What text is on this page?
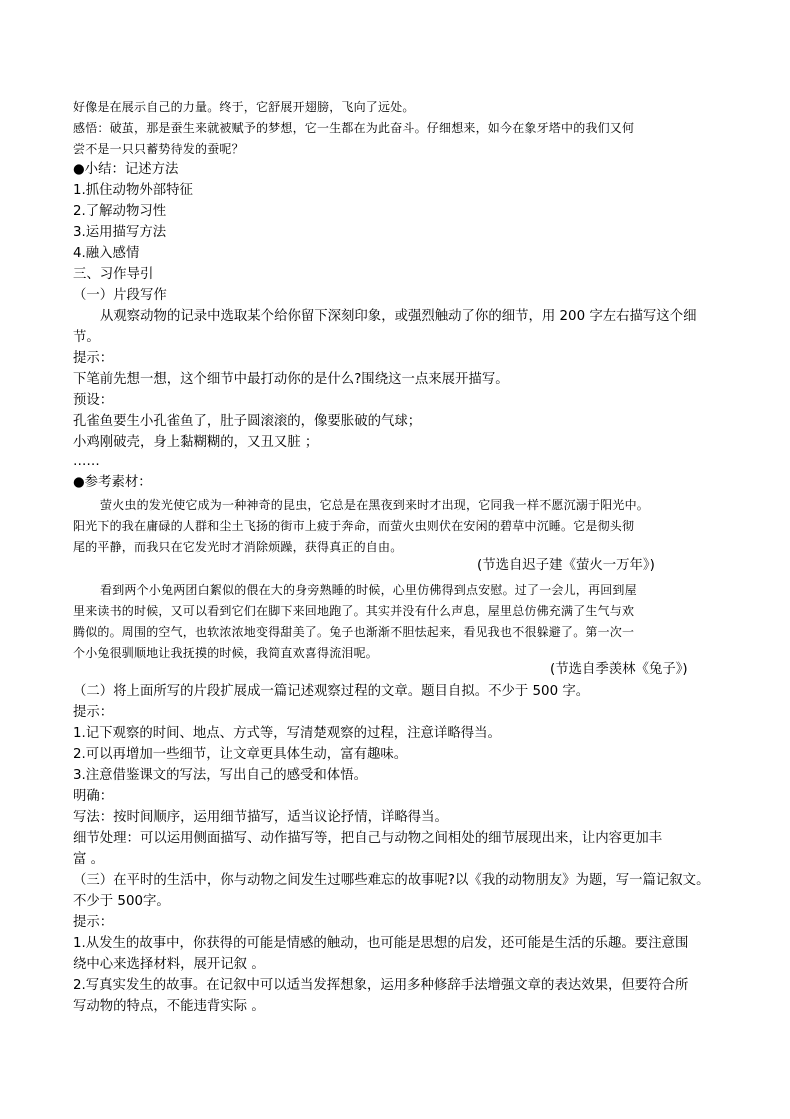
好像是在展示自己的力量。终于，它舒展开翅膀，飞向了远处。
感悟：破茧，那是蚕生来就被赋予的梦想，它一生都在为此奋斗。仔细想来，如今在象牙塔中的我们又何
尝不是一只只蓄势待发的蚕呢？
●小结：记述方法
1.抓住动物外部特征
2.了解动物习性
3.运用描写方法
4.融入感情
三、习作导引
（一）片段写作
从观察动物的记录中选取某个给你留下深刻印象，或强烈触动了你的细节，用 200 字左右描写这个细
节。
提示：
下笔前先想一想，这个细节中最打动你的是什么?围绕这一点来展开描写。
预设：
孔雀鱼要生小孔雀鱼了，肚子圆滚滚的，像要胀破的气球；
小鸡刚破壳，身上黏糊糊的，又丑又脏 ；
……
●参考素材：
萤火虫的发光使它成为一种神奇的昆虫，它总是在黑夜到来时才出现，它同我一样不愿沉溺于阳光中。
阳光下的我在庸碌的人群和尘土飞扬的街市上疲于奔命，而萤火虫则伏在安闲的碧草中沉睡。它是彻头彻
尾的平静，而我只在它发光时才消除烦躁，获得真正的自由。
(节选自迟子建《萤火一万年》)
看到两个小兔两团白絮似的偎在大的身旁熟睡的时候，心里仿佛得到点安慰。过了一会儿，再回到屋
里来读书的时候，又可以看到它们在脚下来回地跑了。其实并没有什么声息，屋里总仿佛充满了生气与欢
腾似的。周围的空气，也软浓浓地变得甜美了。兔子也渐渐不胆怯起来，看见我也不很躲避了。第一次一
个小兔很驯顺地让我抚摸的时候，我简直欢喜得流泪呢。
(节选自季羡林《兔子》)
（二）将上面所写的片段扩展成一篇记述观察过程的文章。题目自拟。不少于 500 字。
提示：
1.记下观察的时间、地点、方式等，写清楚观察的过程，注意详略得当。
2.可以再增加一些细节，让文章更具体生动，富有趣味。
3.注意借鉴课文的写法，写出自己的感受和体悟。
明确：
写法：按时间顺序，运用细节描写，适当议论抒情，详略得当。
细节处理：可以运用侧面描写、动作描写等，把自己与动物之间相处的细节展现出来，让内容更加丰
富 。
（三）在平时的生活中，你与动物之间发生过哪些难忘的故事呢?以《我的动物朋友》为题，写一篇记叙文。
不少于 500字。
提示：
1.从发生的故事中，你获得的可能是情感的触动，也可能是思想的启发，还可能是生活的乐趣。要注意围
绕中心来选择材料，展开记叙 。
2.写真实发生的故事。在记叙中可以适当发挥想象，运用多种修辞手法增强文章的表达效果，但要符合所
写动物的特点，不能违背实际 。
